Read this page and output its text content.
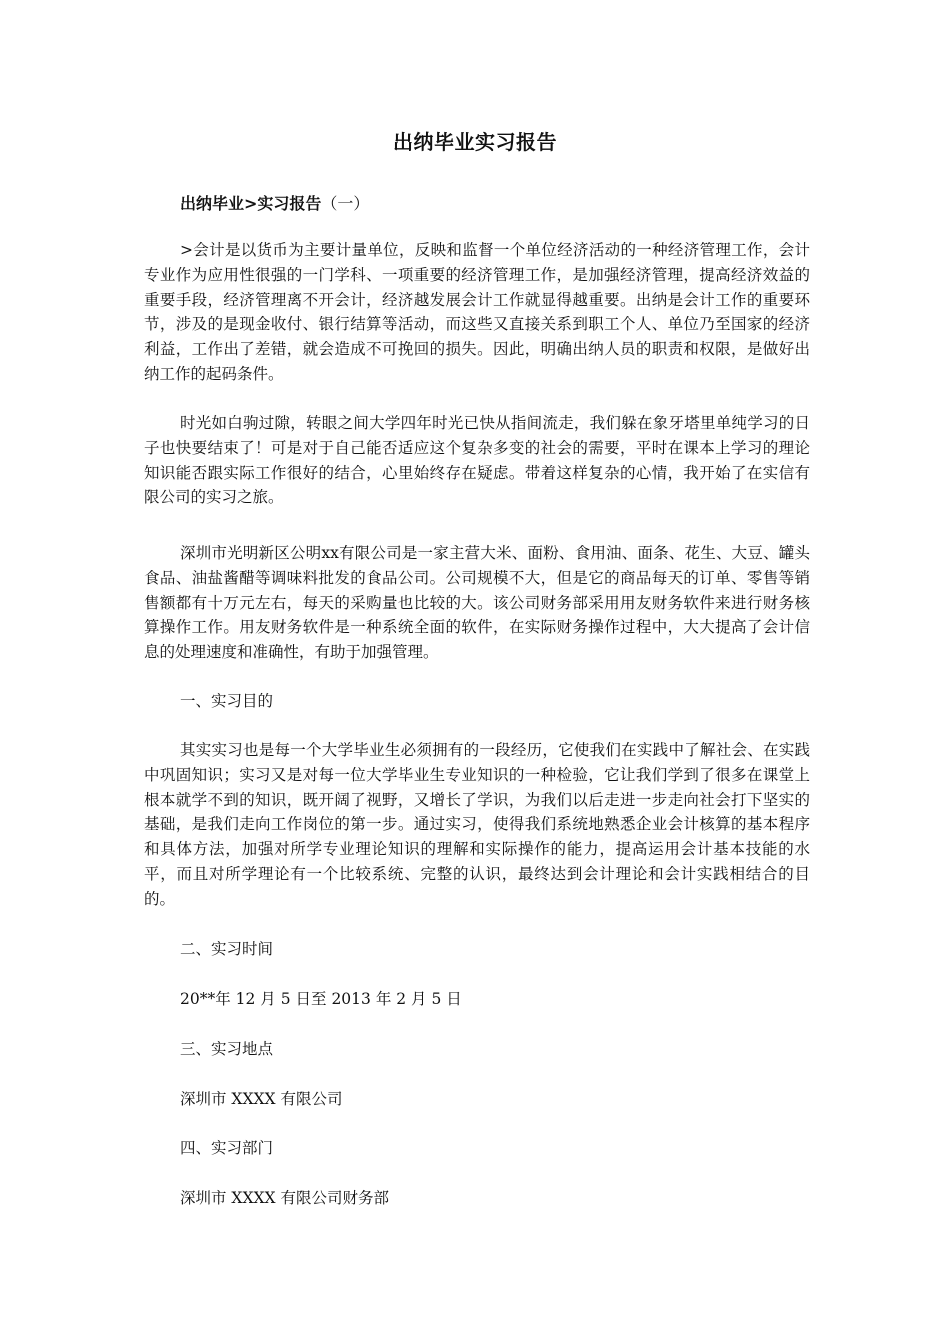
出纳毕业实习报告
出纳毕业>实习报告（一）

>会计是以货币为主要计量单位，反映和监督一个单位经济活动的一种经济管理工作，会计专业作为应用性很强的一门学科、一项重要的经济管理工作，是加强经济管理，提高经济效益的重要手段，经济管理离不开会计，经济越发展会计工作就显得越重要。出纳是会计工作的重要环节，涉及的是现金收付、银行结算等活动，而这些又直接关系到职工个人、单位乃至国家的经济利益，工作出了差错，就会造成不可挽回的损失。因此，明确出纳人员的职责和权限，是做好出纳工作的起码条件。

时光如白驹过隙，转眼之间大学四年时光已快从指间流走，我们躲在象牙塔里单纯学习的日子也快要结束了！可是对于自己能否适应这个复杂多变的社会的需要，平时在课本上学习的理论知识能否跟实际工作很好的结合，心里始终存在疑虑。带着这样复杂的心情，我开始了在实信有限公司的实习之旅。

深圳市光明新区公明xx有限公司是一家主营大米、面粉、食用油、面条、花生、大豆、罐头食品、油盐酱醋等调味料批发的食品公司。公司规模不大，但是它的商品每天的订单、零售等销售额都有十万元左右，每天的采购量也比较的大。该公司财务部采用用友财务软件来进行财务核算操作工作。用友财务软件是一种系统全面的软件，在实际财务操作过程中，大大提高了会计信息的处理速度和准确性，有助于加强管理。

一、实习目的

其实实习也是每一个大学毕业生必须拥有的一段经历，它使我们在实践中了解社会、在实践中巩固知识；实习又是对每一位大学毕业生专业知识的一种检验，它让我们学到了很多在课堂上根本就学不到的知识，既开阔了视野，又增长了学识，为我们以后走进一步走向社会打下坚实的基础，是我们走向工作岗位的第一步。通过实习，使得我们系统地熟悉企业会计核算的基本程序和具体方法，加强对所学专业理论知识的理解和实际操作的能力，提高运用会计基本技能的水平，而且对所学理论有一个比较系统、完整的认识，最终达到会计理论和会计实践相结合的目的。

二、实习时间
20**年 12 月 5 日至 2013 年 2 月 5 日
三、实习地点
深圳市 XXXX 有限公司
四、实习部门
深圳市 XXXX 有限公司财务部
